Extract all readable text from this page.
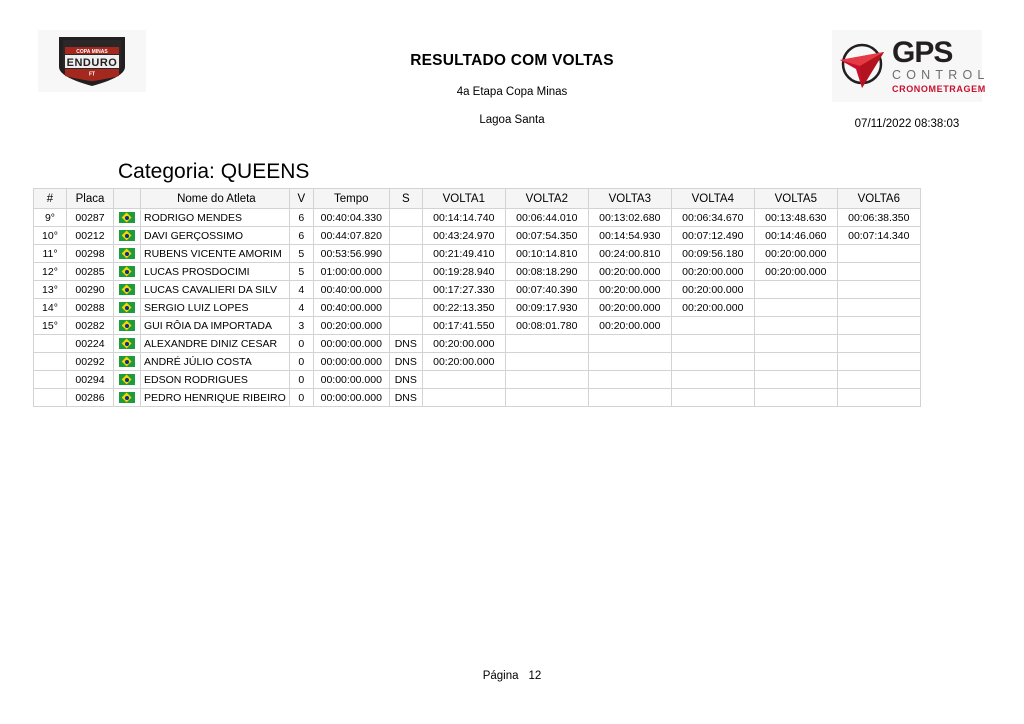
COPA MINAS
ENDURO
FT
RESULTADO COM VOLTAS
4a Etapa Copa Minas
Lagoa Santa
GPS
CONTROL
CRONOMETRAGEM
07/11/2022 08:38:03
Categoria: QUEENS
#	Placa		Nome do Atleta	V	Tempo	S	VOLTA1	VOLTA2	VOLTA3	VOLTA4	VOLTA5	VOLTA6
9°	00287		RODRIGO MENDES	6	00:40:04.330		00:14:14.740	00:06:44.010	00:13:02.680	00:06:34.670	00:13:48.630	00:06:38.350
10°	00212		DAVI GERÇOSSIMO	6	00:44:07.820		00:43:24.970	00:07:54.350	00:14:54.930	00:07:12.490	00:14:46.060	00:07:14.340
11°	00298		RUBENS VICENTE AMORIM	5	00:53:56.990		00:21:49.410	00:10:14.810	00:24:00.810	00:09:56.180	00:20:00.000	
12°	00285		LUCAS PROSDOCIMI	5	01:00:00.000		00:19:28.940	00:08:18.290	00:20:00.000	00:20:00.000	00:20:00.000	
13°	00290		LUCAS CAVALIERI DA SILV	4	00:40:00.000		00:17:27.330	00:07:40.390	00:20:00.000	00:20:00.000		
14°	00288		SERGIO LUIZ LOPES	4	00:40:00.000		00:22:13.350	00:09:17.930	00:20:00.000	00:20:00.000		
15°	00282		GUI RÔIA DA IMPORTADA	3	00:20:00.000		00:17:41.550	00:08:01.780	00:20:00.000			
	00224		ALEXANDRE DINIZ CESAR	0	00:00:00.000	DNS	00:20:00.000					
	00292		ANDRÉ JÚLIO COSTA	0	00:00:00.000	DNS	00:20:00.000					
	00294		EDSON RODRIGUES	0	00:00:00.000	DNS						
	00286		PEDRO HENRIQUE RIBEIRO	0	00:00:00.000	DNS						
Página 12
